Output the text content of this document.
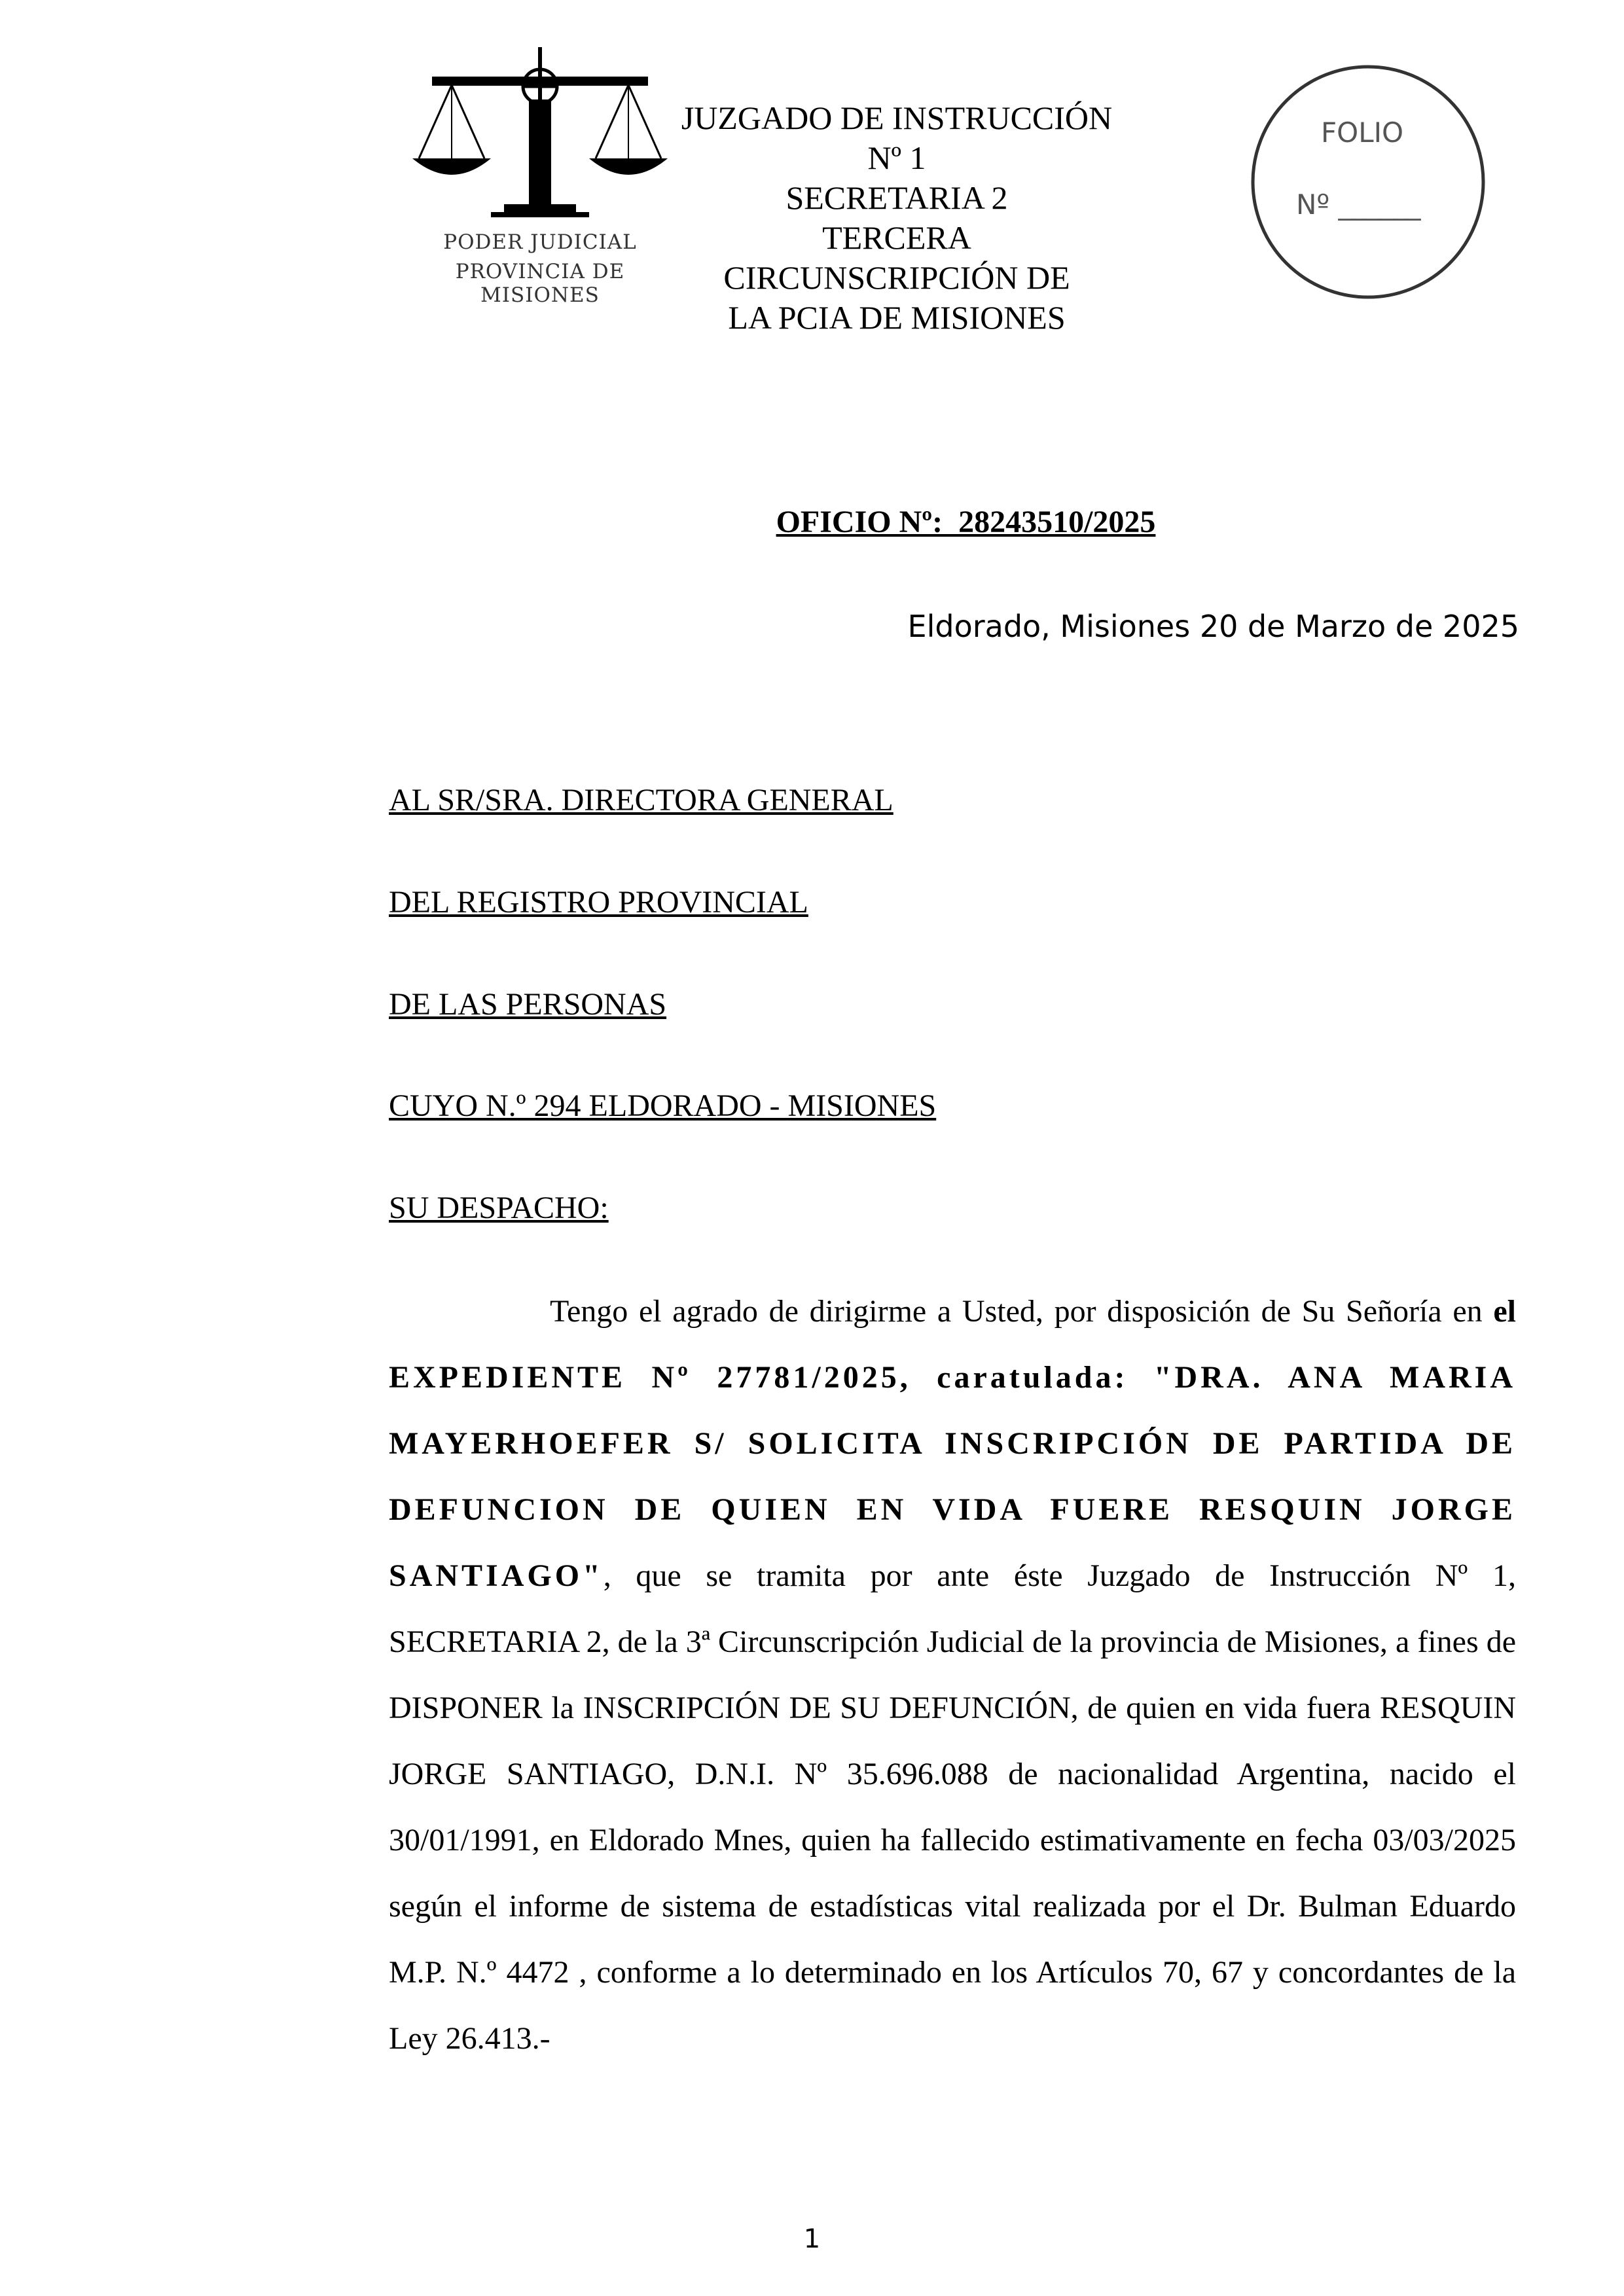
PODER JUDICIAL
PROVINCIA DE MISIONES
JUZGADO DE INSTRUCCIÓN Nº 1
SECRETARIA 2
TERCERA CIRCUNSCRIPCIÓN DE
LA PCIA DE MISIONES
FOLIO
Nº ______
OFICIO Nº:  28243510/2025
Eldorado, Misiones 20 de Marzo de 2025
AL SR/SRA. DIRECTORA GENERAL
DEL REGISTRO PROVINCIAL
DE LAS PERSONAS
CUYO N.º 294 ELDORADO - MISIONES
SU DESPACHO:
Tengo el agrado de dirigirme a Usted, por disposición de Su Señoría en el EXPEDIENTE Nº 27781/2025, caratulada: "DRA. ANA MARIA MAYERHOEFER S/ SOLICITA INSCRIPCIÓN DE PARTIDA DE DEFUNCION DE QUIEN EN VIDA FUERE RESQUIN JORGE SANTIAGO", que se tramita por ante éste Juzgado de Instrucción Nº 1, SECRETARIA 2, de la 3ª Circunscripción Judicial de la provincia de Misiones, a fines de DISPONER la INSCRIPCIÓN DE SU DEFUNCIÓN, de quien en vida fuera RESQUIN JORGE SANTIAGO, D.N.I. Nº 35.696.088 de nacionalidad Argentina, nacido el 30/01/1991, en Eldorado Mnes, quien ha fallecido estimativamente en fecha 03/03/2025 según el informe de sistema de estadísticas vital realizada por el Dr. Bulman Eduardo M.P. N.º 4472 , conforme a lo determinado en los Artículos 70, 67 y concordantes de la Ley 26.413.-
1
